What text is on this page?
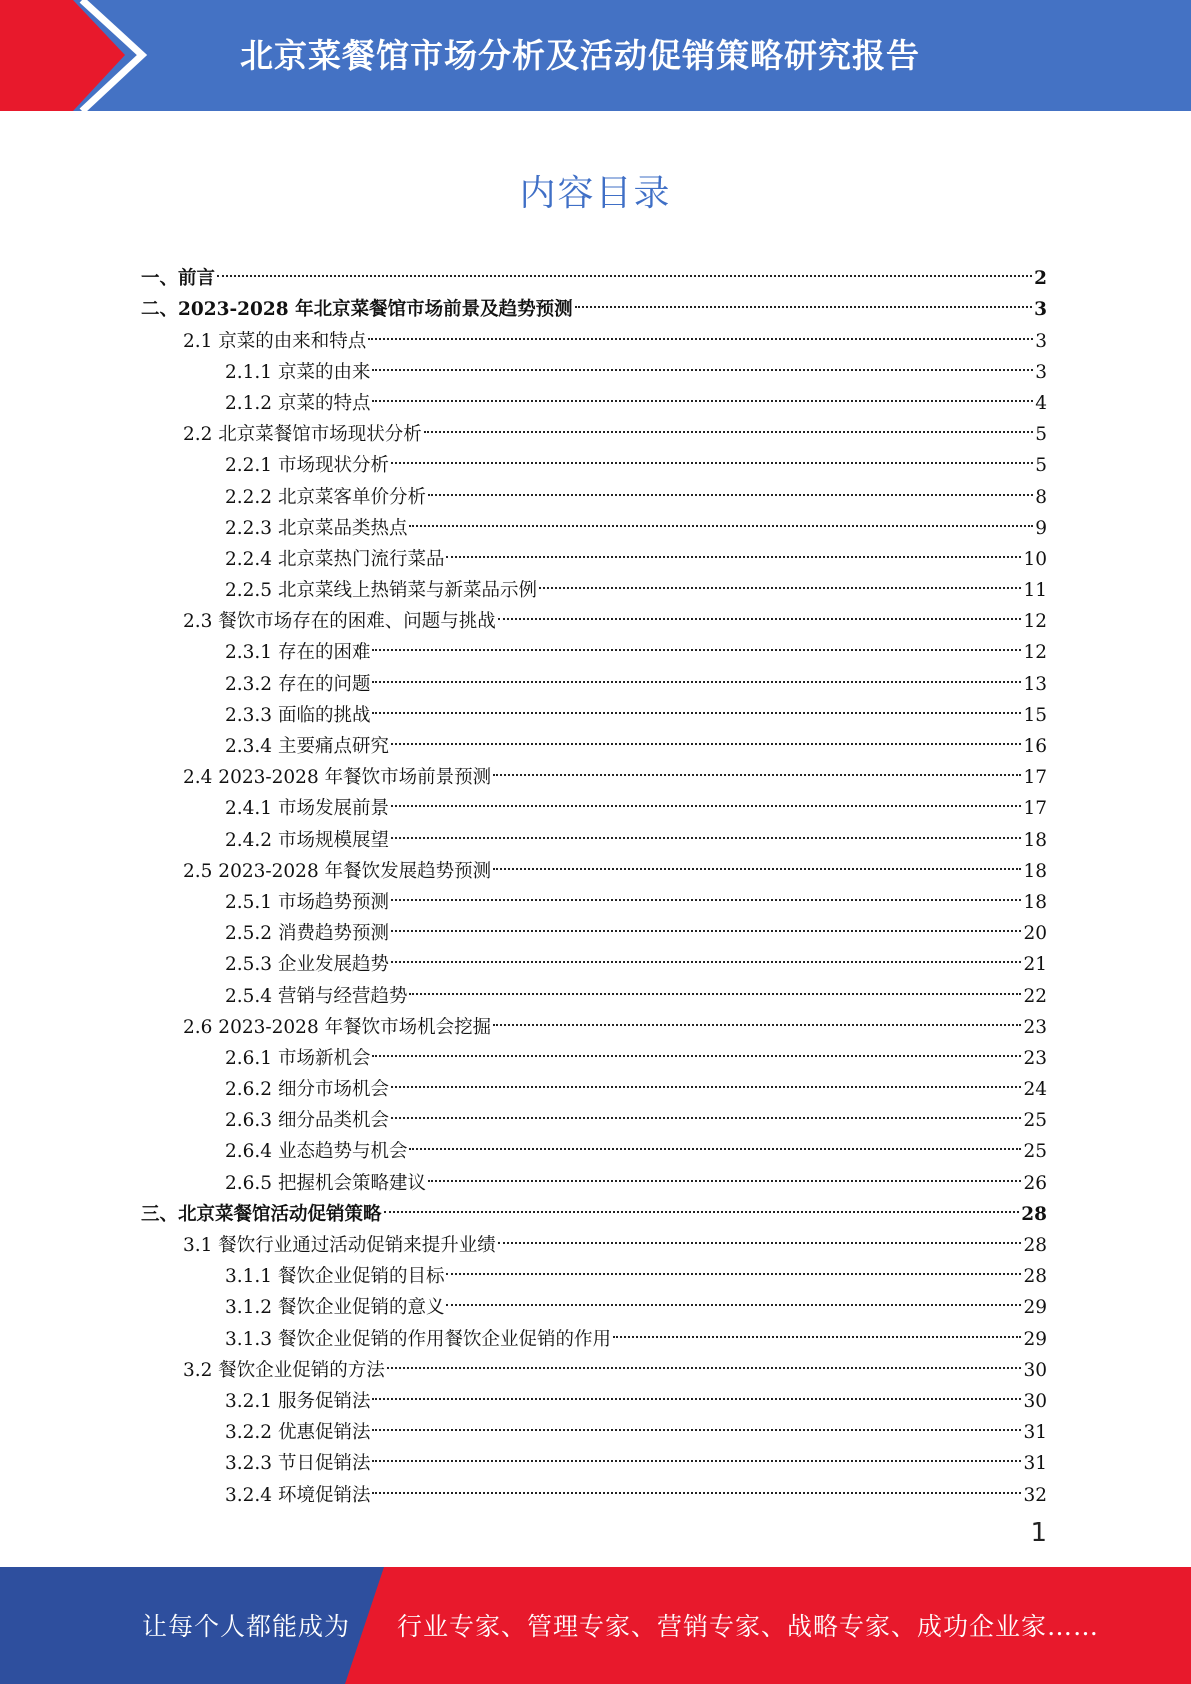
北京菜餐馆市场分析及活动促销策略研究报告
内容目录
一、前言	2
二、2023-2028 年北京菜餐馆市场前景及趋势预测	3
2.1 京菜的由来和特点	3
2.1.1 京菜的由来	3
2.1.2 京菜的特点	4
2.2 北京菜餐馆市场现状分析	5
2.2.1 市场现状分析	5
2.2.2 北京菜客单价分析	8
2.2.3 北京菜品类热点	9
2.2.4 北京菜热门流行菜品	10
2.2.5 北京菜线上热销菜与新菜品示例	11
2.3 餐饮市场存在的困难、问题与挑战	12
2.3.1 存在的困难	12
2.3.2 存在的问题	13
2.3.3 面临的挑战	15
2.3.4 主要痛点研究	16
2.4 2023-2028 年餐饮市场前景预测	17
2.4.1 市场发展前景	17
2.4.2 市场规模展望	18
2.5 2023-2028 年餐饮发展趋势预测	18
2.5.1 市场趋势预测	18
2.5.2 消费趋势预测	20
2.5.3 企业发展趋势	21
2.5.4 营销与经营趋势	22
2.6 2023-2028 年餐饮市场机会挖掘	23
2.6.1 市场新机会	23
2.6.2 细分市场机会	24
2.6.3 细分品类机会	25
2.6.4 业态趋势与机会	25
2.6.5 把握机会策略建议	26
三、北京菜餐馆活动促销策略	28
3.1 餐饮行业通过活动促销来提升业绩	28
3.1.1 餐饮企业促销的目标	28
3.1.2 餐饮企业促销的意义	29
3.1.3 餐饮企业促销的作用餐饮企业促销的作用	29
3.2 餐饮企业促销的方法	30
3.2.1 服务促销法	30
3.2.2 优惠促销法	31
3.2.3 节日促销法	31
3.2.4 环境促销法	32
1
让每个人都能成为 行业专家、管理专家、营销专家、战略专家、成功企业家……
